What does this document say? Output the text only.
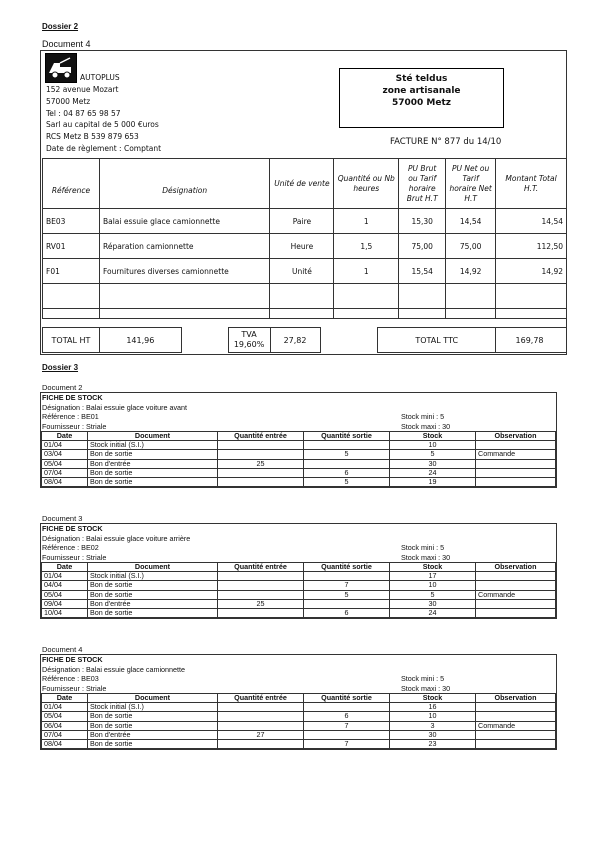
Dossier 2
Document 4
AUTOPLUS
152 avenue Mozart
57000 Metz
Tel : 04 87 65 98 57
Sarl au capital de 5 000 €uros
RCS Metz B 539 879 653
Date de règlement : Comptant
Sté teldus
zone artisanale
57000 Metz
FACTURE N° 877 du 14/10
Référence	Désignation	Unité de vente	Quantité ou Nb heures	PU Brut ou Tarif horaire Brut H.T	PU Net ou Tarif horaire Net H.T	Montant Total H.T.
BE03	Balai essuie glace camionnette	Paire	1	15,30	14,54	14,54
RV01	Réparation camionnette	Heure	1,5	75,00	75,00	112,50
F01	Fournitures diverses camionnette	Unité	1	15,54	14,92	14,92

TOTAL HT	141,96		
TVA
19,60%	27,82		TOTAL TTC	169,78
Dossier 3
Document 2
FICHE DE STOCK
Désignation : Balai essuie glace voiture avant
Référence : BE01	Stock mini : 5
Fournisseur : Striale	Stock maxi : 30
Date	Document	Quantité entrée	Quantité sortie	Stock	Observation
01/04	Stock initial (S.I.)			10	
03/04	Bon de sortie		5	5	Commande
05/04	Bon d'entrée	25		30	
07/04	Bon de sortie		6	24	
08/04	Bon de sortie		5	19	
Document 3
FICHE DE STOCK
Désignation : Balai essuie glace voiture arrière
Référence : BE02	Stock mini : 5
Fournisseur : Striale	Stock maxi : 30
Date	Document	Quantité entrée	Quantité sortie	Stock	Observation
01/04	Stock initial (S.I.)			17	
04/04	Bon de sortie		7	10	
05/04	Bon de sortie		5	5	Commande
09/04	Bon d'entrée	25		30	
10/04	Bon de sortie		6	24	
Document 4
FICHE DE STOCK
Désignation : Balai essuie glace camionnette
Référence : BE03	Stock mini : 5
Fournisseur : Striale	Stock maxi : 30
Date	Document	Quantité entrée	Quantité sortie	Stock	Observation
01/04	Stock initial (S.I.)			16	
05/04	Bon de sortie		6	10	
06/04	Bon de sortie		7	3	Commande
07/04	Bon d'entrée	27		30	
08/04	Bon de sortie		7	23	
